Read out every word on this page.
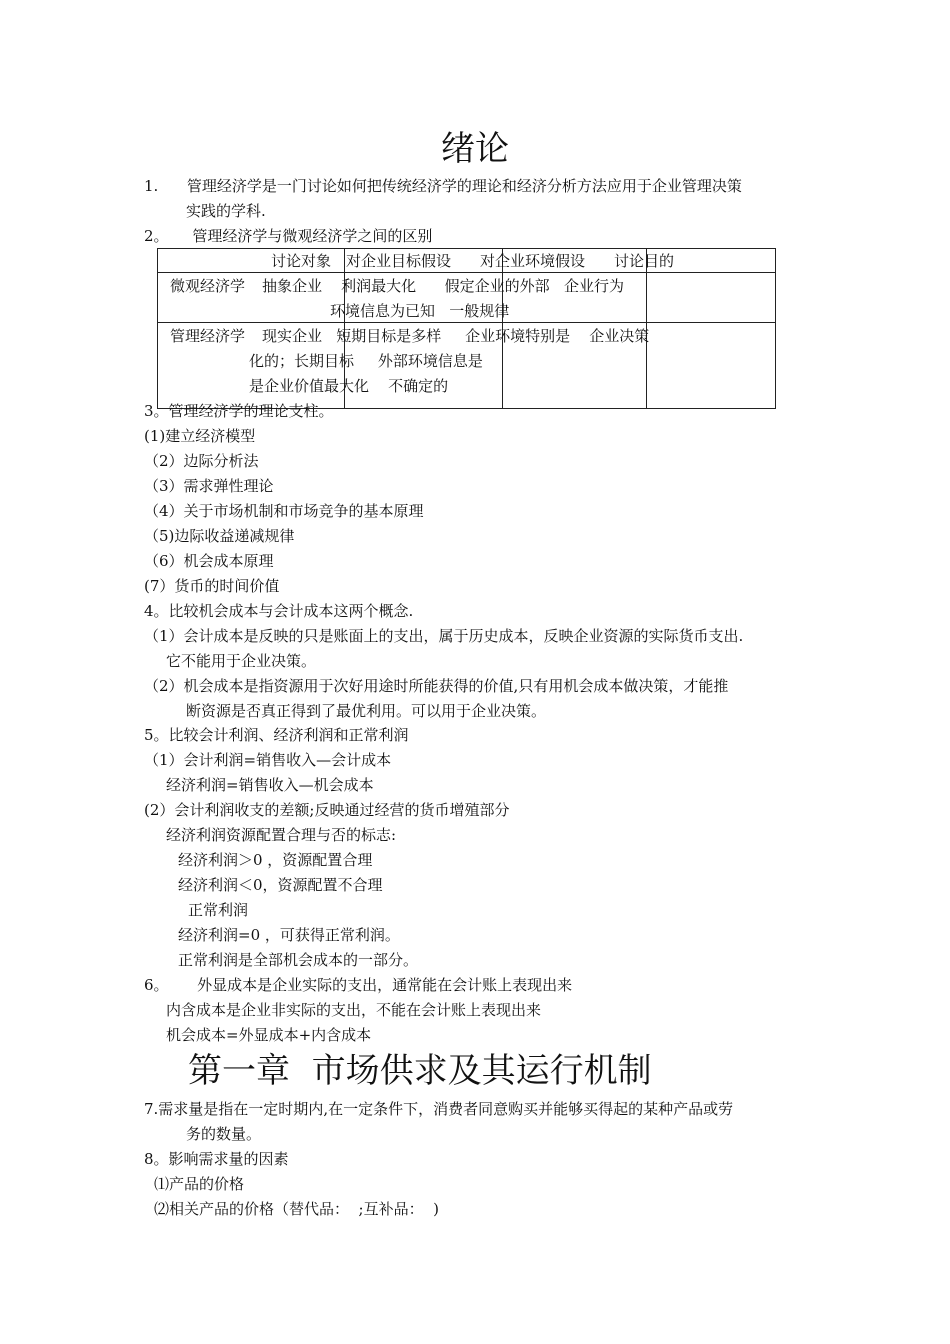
绪论
1.      管理经济学是一门讨论如何把传统经济学的理论和经济分析方法应用于企业管理决策
实践的学科.
2。     管理经济学与微观经济学之间的区别
讨论对象 对企业目标假设 对企业环境假设 讨论目的
微观经济学 抽象企业    利润最大化      假定企业的外部   企业行为
环境信息为已知   一般规律
管理经济学 现实企业   短期目标是多样     企业环境特别是    企业决策
化的；长期目标     外部环境信息是
是企业价值最大化    不确定的
3。管理经济学的理论支柱。
(1)建立经济模型
（2）边际分析法
（3）需求弹性理论
（4）关于市场机制和市场竞争的基本原理
（5)边际收益递减规律
（6）机会成本原理
(7）货币的时间价值
4。比较机会成本与会计成本这两个概念.
（1）会计成本是反映的只是账面上的支出，属于历史成本，反映企业资源的实际货币支出.
它不能用于企业决策。
（2）机会成本是指资源用于次好用途时所能获得的价值,只有用机会成本做决策，才能推
断资源是否真正得到了最优利用。可以用于企业决策。
5。比较会计利润、经济利润和正常利润
（1）会计利润=销售收入—会计成本
经济利润=销售收入—机会成本
(2）会计利润收支的差额;反映通过经营的货币增殖部分
经济利润资源配置合理与否的标志:
经济利润＞0 ，资源配置合理
经济利润＜0，资源配置不合理
正常利润
经济利润=0 ，可获得正常利润。
正常利润是全部机会成本的一部分。
6。      外显成本是企业实际的支出，通常能在会计账上表现出来
内含成本是企业非实际的支出，不能在会计账上表现出来
机会成本=外显成本+内含成本
第一章  市场供求及其运行机制
7.需求量是指在一定时期内,在一定条件下，消费者同意购买并能够买得起的某种产品或劳
务的数量。
8。影响需求量的因素
⑴产品的价格
⑵相关产品的价格（替代品：  ;互补品：  )
